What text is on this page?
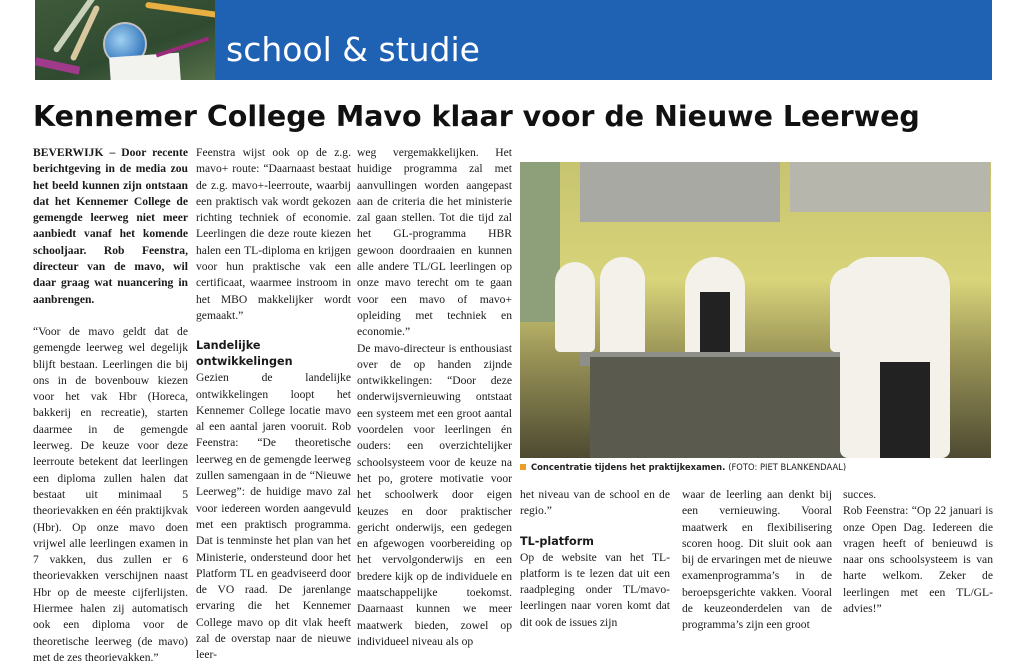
school & studie
Kennemer College Mavo klaar voor de Nieuwe Leerweg

BEVERWIJK – Door recente berichtgeving in de media zou het beeld kunnen zijn ontstaan dat het Kennemer College de gemengde leerweg niet meer aanbiedt vanaf het komende schooljaar. Rob Feenstra, directeur van de mavo, wil daar graag wat nuancering in aanbrengen.

“Voor de mavo geldt dat de gemengde leerweg wel degelijk blijft bestaan. Leerlingen die bij ons in de bovenbouw kiezen voor het vak Hbr (Horeca, bakkerij en recreatie), starten daarmee in de gemengde leerweg. De keuze voor deze leerroute betekent dat leerlingen een diploma zullen halen dat bestaat uit minimaal 5 theorievakken en één praktijkvak (Hbr). Op onze mavo doen vrijwel alle leerlingen examen in 7 vakken, dus zullen er 6 theorievakken verschijnen naast Hbr op de meeste cijferlijsten. Hiermee halen zij automatisch ook een diploma voor de theoretische leerweg (de mavo) met de zes theorievakken.”

Feenstra wijst ook op de z.g. mavo+ route: “Daarnaast bestaat de z.g. mavo+-leerroute, waarbij een praktisch vak wordt gekozen richting techniek of economie. Leerlingen die deze route kiezen halen een TL-diploma en krijgen voor hun praktische vak een certificaat, waarmee instroom in het MBO makkelijker wordt gemaakt.”

Landelijke ontwikkelingen

Gezien de landelijke ontwikkelingen loopt het Kennemer College locatie mavo al een aantal jaren vooruit. Rob Feenstra: “De theoretische leerweg en de gemengde leerweg zullen samengaan in de “Nieuwe Leerweg”: de huidige mavo zal voor iedereen worden aangevuld met een praktisch programma. Dat is tenminste het plan van het Ministerie, ondersteund door het Platform TL en geadviseerd door de VO raad. De jarenlange ervaring die het Kennemer College mavo op dit vlak heeft zal de overstap naar de nieuwe leer-

weg vergemakkelijken. Het huidige programma zal met aanvullingen worden aangepast aan de criteria die het ministerie zal gaan stellen. Tot die tijd zal het GL-programma HBR gewoon doordraaien en kunnen alle andere TL/GL leerlingen op onze mavo terecht om te gaan voor een mavo of mavo+ opleiding met techniek en economie.”

De mavo-directeur is enthousiast over de op handen zijnde ontwikkelingen: “Door deze onderwijsvernieuwing ontstaat een systeem met een groot aantal voordelen voor leerlingen én ouders: een overzichtelijker schoolsysteem voor de keuze na het po, grotere motivatie voor het schoolwerk door eigen keuzes en door praktischer gericht onderwijs, een gedegen en afgewogen voorbereiding op het vervolgonderwijs en een bredere kijk op de individuele en maatschappelijke toekomst. Daarnaast kunnen we meer maatwerk bieden, zowel op individueel niveau als op

Concentratie tijdens het praktijkexamen. (FOTO: PIET BLANKENDAAL)

het niveau van de school en de regio.”

TL-platform

Op de website van het TL-platform is te lezen dat uit een raadpleging onder TL/mavo-leerlingen naar voren komt dat dit ook de issues zijn

waar de leerling aan denkt bij een vernieuwing. Vooral maatwerk en flexibilisering scoren hoog. Dit sluit ook aan bij de ervaringen met de nieuwe examenprogramma’s in de beroepsgerichte vakken. Vooral de keuzeonderdelen van de programma’s zijn een groot

succes.

Rob Feenstra: “Op 22 januari is onze Open Dag. Iedereen die vragen heeft of benieuwd is naar ons schoolsysteem is van harte welkom. Zeker de leerlingen met een TL/GL-advies!”
